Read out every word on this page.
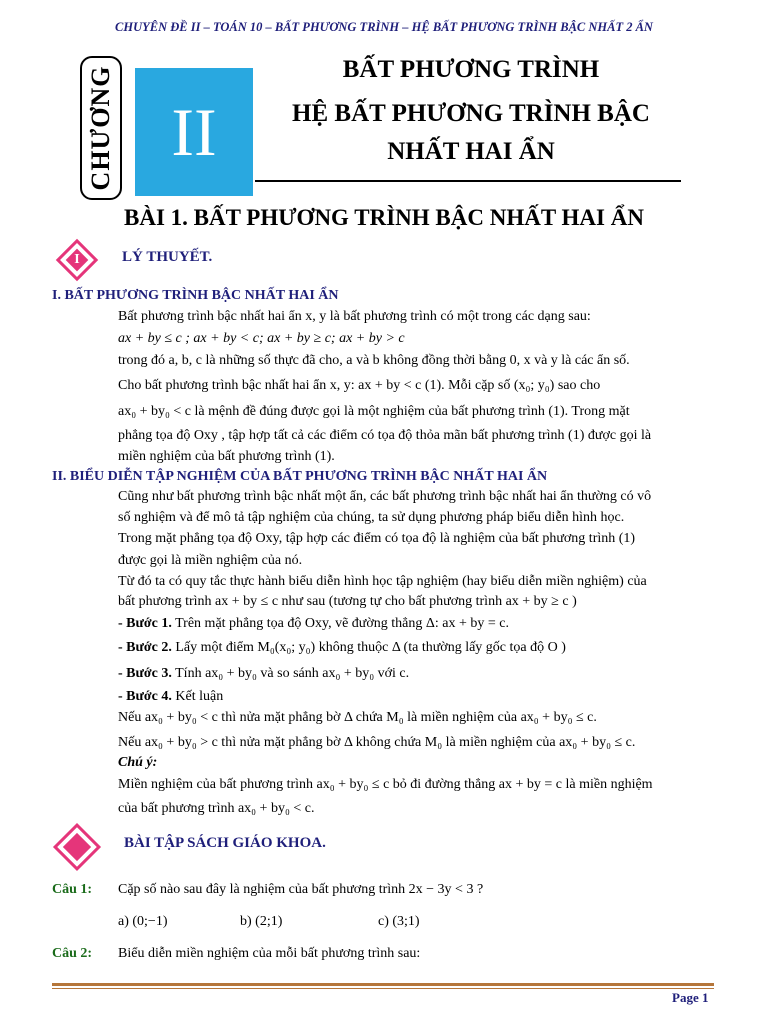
CHUYÊN ĐỀ II – TOÁN 10 – BẤT PHƯƠNG TRÌNH – HỆ BẤT PHƯƠNG TRÌNH BẬC NHẤT 2 ẨN
CHƯƠNG II
BẤT PHƯƠNG TRÌNH
HỆ BẤT PHƯƠNG TRÌNH BẬC
NHẤT HAI ẨN
BÀI 1. BẤT PHƯƠNG TRÌNH BẬC NHẤT HAI ẨN
I	LÝ THUYẾT.
I. BẤT PHƯƠNG TRÌNH BẬC NHẤT HAI ẨN
Bất phương trình bậc nhất hai ẩn x, y là bất phương trình có một trong các dạng sau:
ax + by ≤ c ; ax + by < c; ax + by ≥ c; ax + by > c
trong đó a, b, c là những số thực đã cho, a và b không đồng thời bằng 0, x và y là các ẩn số.
Cho bất phương trình bậc nhất hai ẩn x, y: ax + by < c (1). Mỗi cặp số (x₀; y₀) sao cho
ax₀ + by₀ < c là mệnh đề đúng được gọi là một nghiệm của bất phương trình (1). Trong mặt
phẳng tọa độ Oxy , tập hợp tất cả các điểm có tọa độ thỏa mãn bất phương trình (1) được gọi là
miền nghiệm của bất phương trình (1).
II. BIỂU DIỄN TẬP NGHIỆM CỦA BẤT PHƯƠNG TRÌNH BẬC NHẤT HAI ẨN
Cũng như bất phương trình bậc nhất một ẩn, các bất phương trình bậc nhất hai ẩn thường có vô
số nghiệm và để mô tả tập nghiệm của chúng, ta sử dụng phương pháp biểu diễn hình học.
Trong mặt phẳng tọa độ Oxy, tập hợp các điểm có tọa độ là nghiệm của bất phương trình (1)
được gọi là miền nghiệm của nó.
Từ đó ta có quy tắc thực hành biểu diễn hình học tập nghiệm (hay biểu diễn miền nghiệm) của
bất phương trình ax + by ≤ c như sau (tương tự cho bất phương trình ax + by ≥ c )
- Bước 1. Trên mặt phẳng tọa độ Oxy, vẽ đường thẳng Δ: ax + by = c.
- Bước 2. Lấy một điểm M₀(x₀; y₀) không thuộc Δ (ta thường lấy gốc tọa độ O )
- Bước 3. Tính ax₀ + by₀ và so sánh ax₀ + by₀ với c.
- Bước 4. Kết luận
Nếu ax₀ + by₀ < c thì nửa mặt phẳng bờ Δ chứa M₀ là miền nghiệm của ax₀ + by₀ ≤ c.
Nếu ax₀ + by₀ > c thì nửa mặt phẳng bờ Δ không chứa M₀ là miền nghiệm của ax₀ + by₀ ≤ c.
Chú ý:
Miền nghiệm của bất phương trình ax₀ + by₀ ≤ c bỏ đi đường thẳng ax + by = c là miền nghiệm
của bất phương trình ax₀ + by₀ < c.
BÀI TẬP SÁCH GIÁO KHOA.
Câu 1: Cặp số nào sau đây là nghiệm của bất phương trình 2x − 3y < 3 ?
a) (0;−1)	b) (2;1)	c) (3;1)
Câu 2: Biểu diễn miền nghiệm của mỗi bất phương trình sau:
Page 1
